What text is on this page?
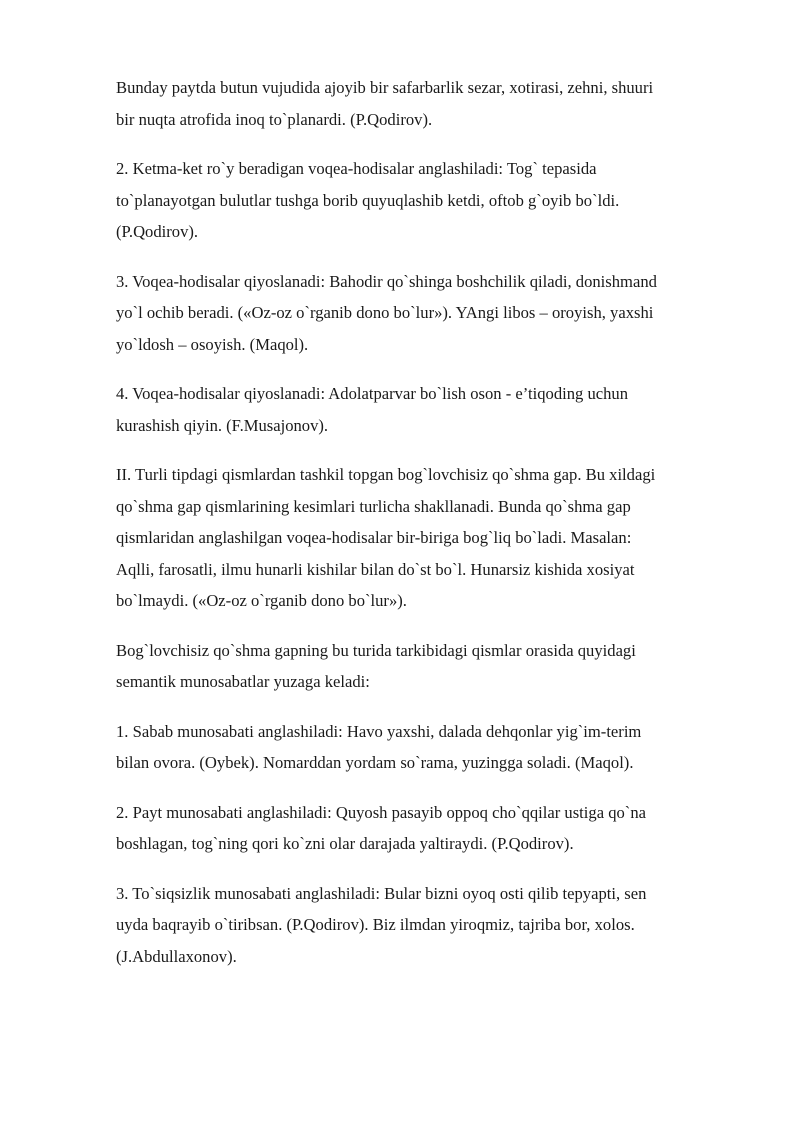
Bunday paytda butun vujudida ajoyib bir safarbarlik sezar, xotirasi, zehni, shuuri
bir nuqta atrofida inoq to`planardi. (P.Qodirov).

2. Ketma-ket ro`y beradigan voqea-hodisalar anglashiladi: Tog` tepasida
to`planayotgan bulutlar tushga borib quyuqlashib ketdi, oftob g`oyib bo`ldi.
(P.Qodirov).

3. Voqea-hodisalar qiyoslanadi: Bahodir qo`shinga boshchilik qiladi, donishmand
yo`l ochib beradi. («Oz-oz o`rganib dono bo`lur»). YAngi libos – oroyish, yaxshi
yo`ldosh – osoyish. (Maqol).

4. Voqea-hodisalar qiyoslanadi: Adolatparvar bo`lish oson - e’tiqoding uchun
kurashish qiyin. (F.Musajonov).

II. Turli tipdagi qismlardan tashkil topgan bog`lovchisiz qo`shma gap. Bu xildagi
qo`shma gap qismlarining kesimlari turlicha shakllanadi. Bunda qo`shma gap
qismlaridan anglashilgan voqea-hodisalar bir-biriga bog`liq bo`ladi. Masalan:
Aqlli, farosatli, ilmu hunarli kishilar bilan do`st bo`l. Hunarsiz kishida xosiyat
bo`lmaydi. («Oz-oz o`rganib dono bo`lur»).

Bog`lovchisiz qo`shma gapning bu turida tarkibidagi qismlar orasida quyidagi
semantik munosabatlar yuzaga keladi:

1. Sabab munosabati anglashiladi: Havo yaxshi, dalada dehqonlar yig`im-terim
bilan ovora. (Oybek). Nomarddan yordam so`rama, yuzingga soladi. (Maqol).

2. Payt munosabati anglashiladi: Quyosh pasayib oppoq cho`qqilar ustiga qo`na
boshlagan, tog`ning qori ko`zni olar darajada yaltiraydi. (P.Qodirov).

3. To`siqsizlik munosabati anglashiladi: Bular bizni oyoq osti qilib tepyapti, sen
uyda baqrayib o`tiribsan. (P.Qodirov). Biz ilmdan yiroqmiz, tajriba bor, xolos.
(J.Abdullaxonov).
